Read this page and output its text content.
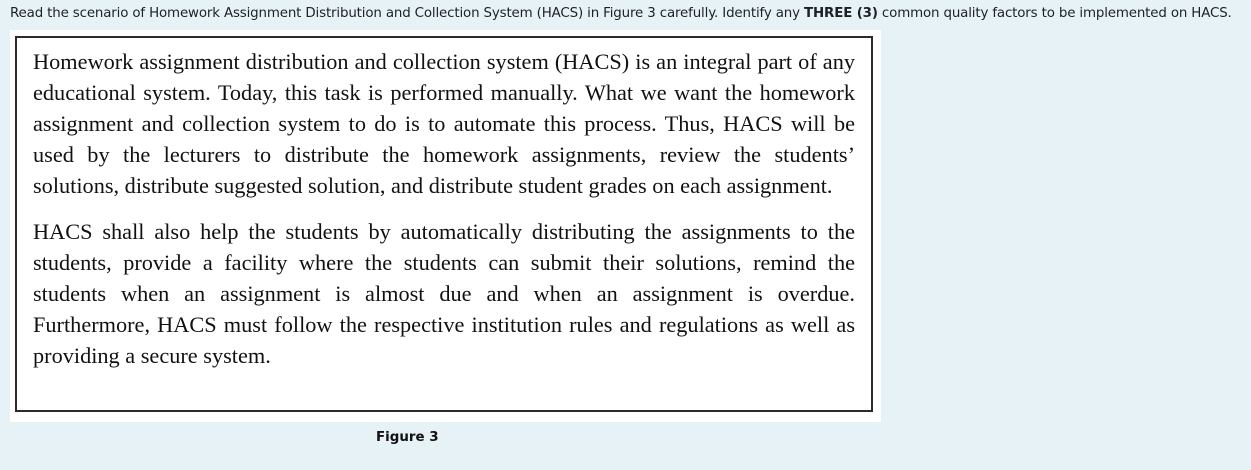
Read the scenario of Homework Assignment Distribution and Collection System (HACS) in Figure 3 carefully. Identify any THREE (3) common quality factors to be implemented on HACS.

Homework assignment distribution and collection system (HACS) is an integral part of any educational system. Today, this task is performed manually. What we want the homework assignment and collection system to do is to automate this process. Thus, HACS will be used by the lecturers to distribute the homework assignments, review the students’ solutions, distribute suggested solution, and distribute student grades on each assignment.

HACS shall also help the students by automatically distributing the assignments to the students, provide a facility where the students can submit their solutions, remind the students when an assignment is almost due and when an assignment is overdue. Furthermore, HACS must follow the respective institution rules and regulations as well as providing a secure system.

Figure 3
